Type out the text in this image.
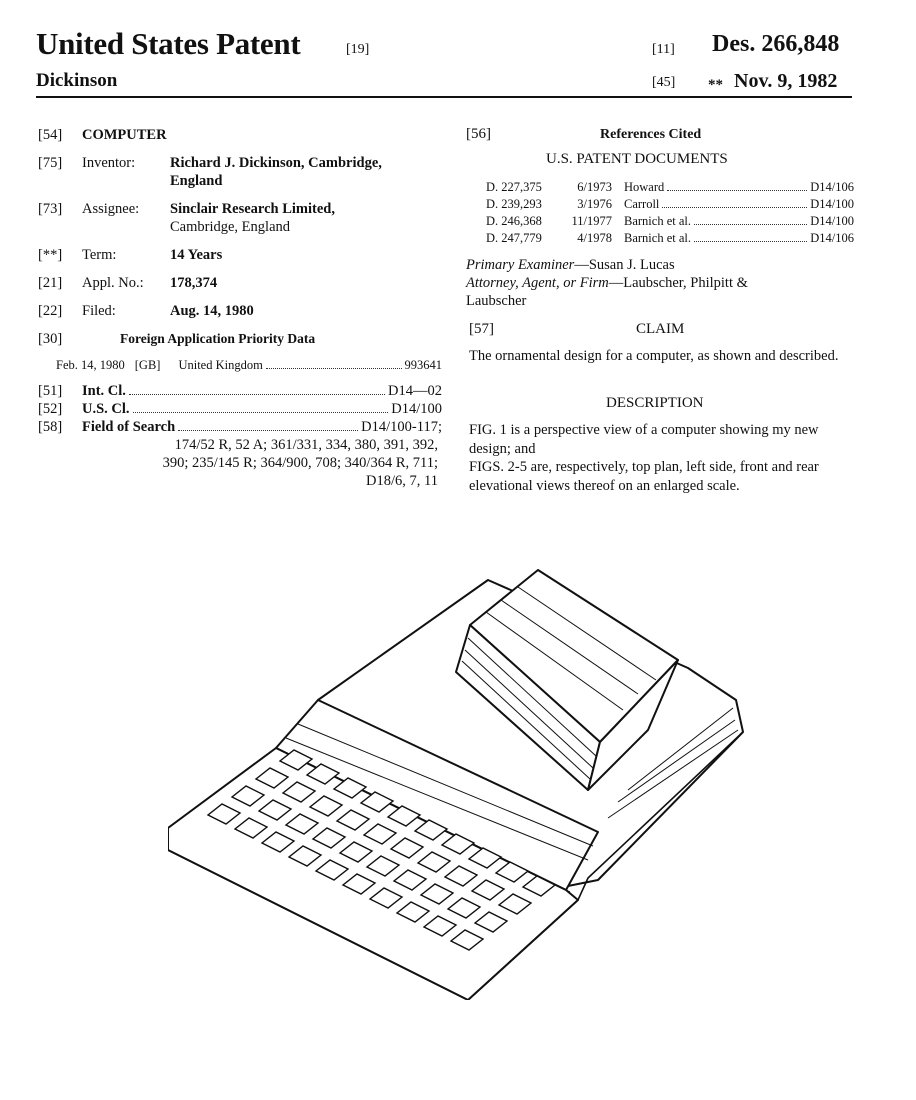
United States Patent	[19]	[11] Des. 266,848
Dickinson	[45] ** Nov. 9, 1982
[54] COMPUTER
[75] Inventor: Richard J. Dickinson, Cambridge,
England
[73] Assignee: Sinclair Research Limited,
Cambridge, England
[**] Term:	14 Years
[21] Appl. No.: 178,374
[22] Filed:	Aug. 14, 1980
[30]	Foreign Application Priority Data
Feb. 14, 1980 [GB] United Kingdom	993641
[51]	Int. Cl.	D14—02
[52]	U.S. Cl.	D14/100
[58]	Field of Search	D14/100-117;
174/52 R, 52 A; 361/331, 334, 380, 391, 392,
390; 235/145 R; 364/900, 708; 340/364 R, 711;
D18/6, 7, 11
[56]	References Cited
U.S. PATENT DOCUMENTS
D. 227,375	6/1973 Howard	D14/106
D. 239,293	3/1976 Carroll	D14/100
D. 246,368	11/1977 Barnich et al.	D14/100
D. 247,779	4/1978 Barnich et al.	D14/106
Primary Examiner—Susan J. Lucas
Attorney, Agent, or Firm—Laubscher, Philpitt &
Laubscher
[57]	CLAIM
The ornamental design for a computer, as shown and described.
DESCRIPTION
FIG. 1 is a perspective view of a computer showing my new design; and
FIGS. 2-5 are, respectively, top plan, left side, front and rear elevational views thereof on an enlarged scale.
